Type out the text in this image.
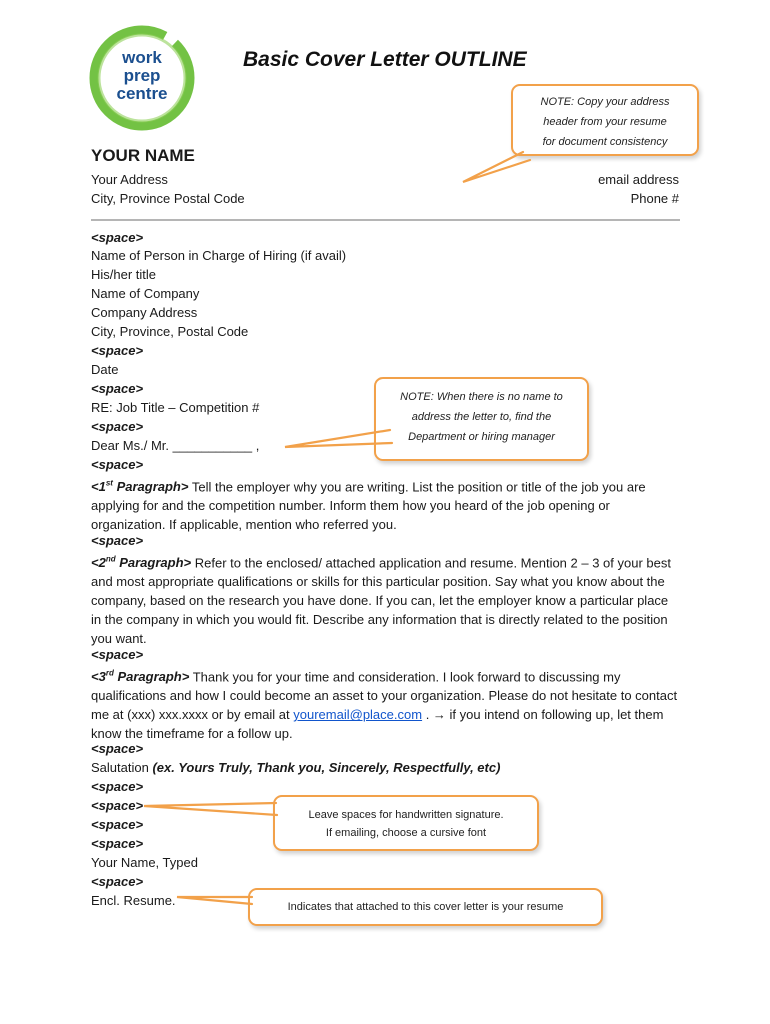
work
prep
centre
Basic Cover Letter OUTLINE
YOUR NAME
Your Address
City, Province Postal Code
email address
Phone #
NOTE: Copy your address
header from your resume
for document consistency
<space>
Name of Person in Charge of Hiring (if avail)
His/her title
Name of Company
Company Address
City, Province, Postal Code
<space>
Date
<space>
RE: Job Title – Competition #
<space>
Dear Ms./ Mr. ___________ ,
<space>
NOTE: When there is no name to
address the letter to, find the
Department or hiring manager
<1st Paragraph> Tell the employer why you are writing. List the position or title of the job you are applying for and the competition number. Inform them how you heard of the job opening or organization. If applicable, mention who referred you.
<space>
<2nd Paragraph> Refer to the enclosed/ attached application and resume. Mention 2 – 3 of your best and most appropriate qualifications or skills for this particular position. Say what you know about the company, based on the research you have done. If you can, let the employer know a particular place in the company in which you would fit. Describe any information that is directly related to the position you want.
<space>
<3rd Paragraph> Thank you for your time and consideration. I look forward to discussing my qualifications and how I could become an asset to your organization. Please do not hesitate to contact me at (xxx) xxx.xxxx or by email at youremail@place.com . → if you intend on following up, let them know the timeframe for a follow up.
<space>
Salutation (ex. Yours Truly, Thank you, Sincerely, Respectfully, etc)
<space>
<space>
<space>
<space>
Your Name, Typed
<space>
Encl. Resume.
Leave spaces for handwritten signature.
If emailing, choose a cursive font
Indicates that attached to this cover letter is your resume
